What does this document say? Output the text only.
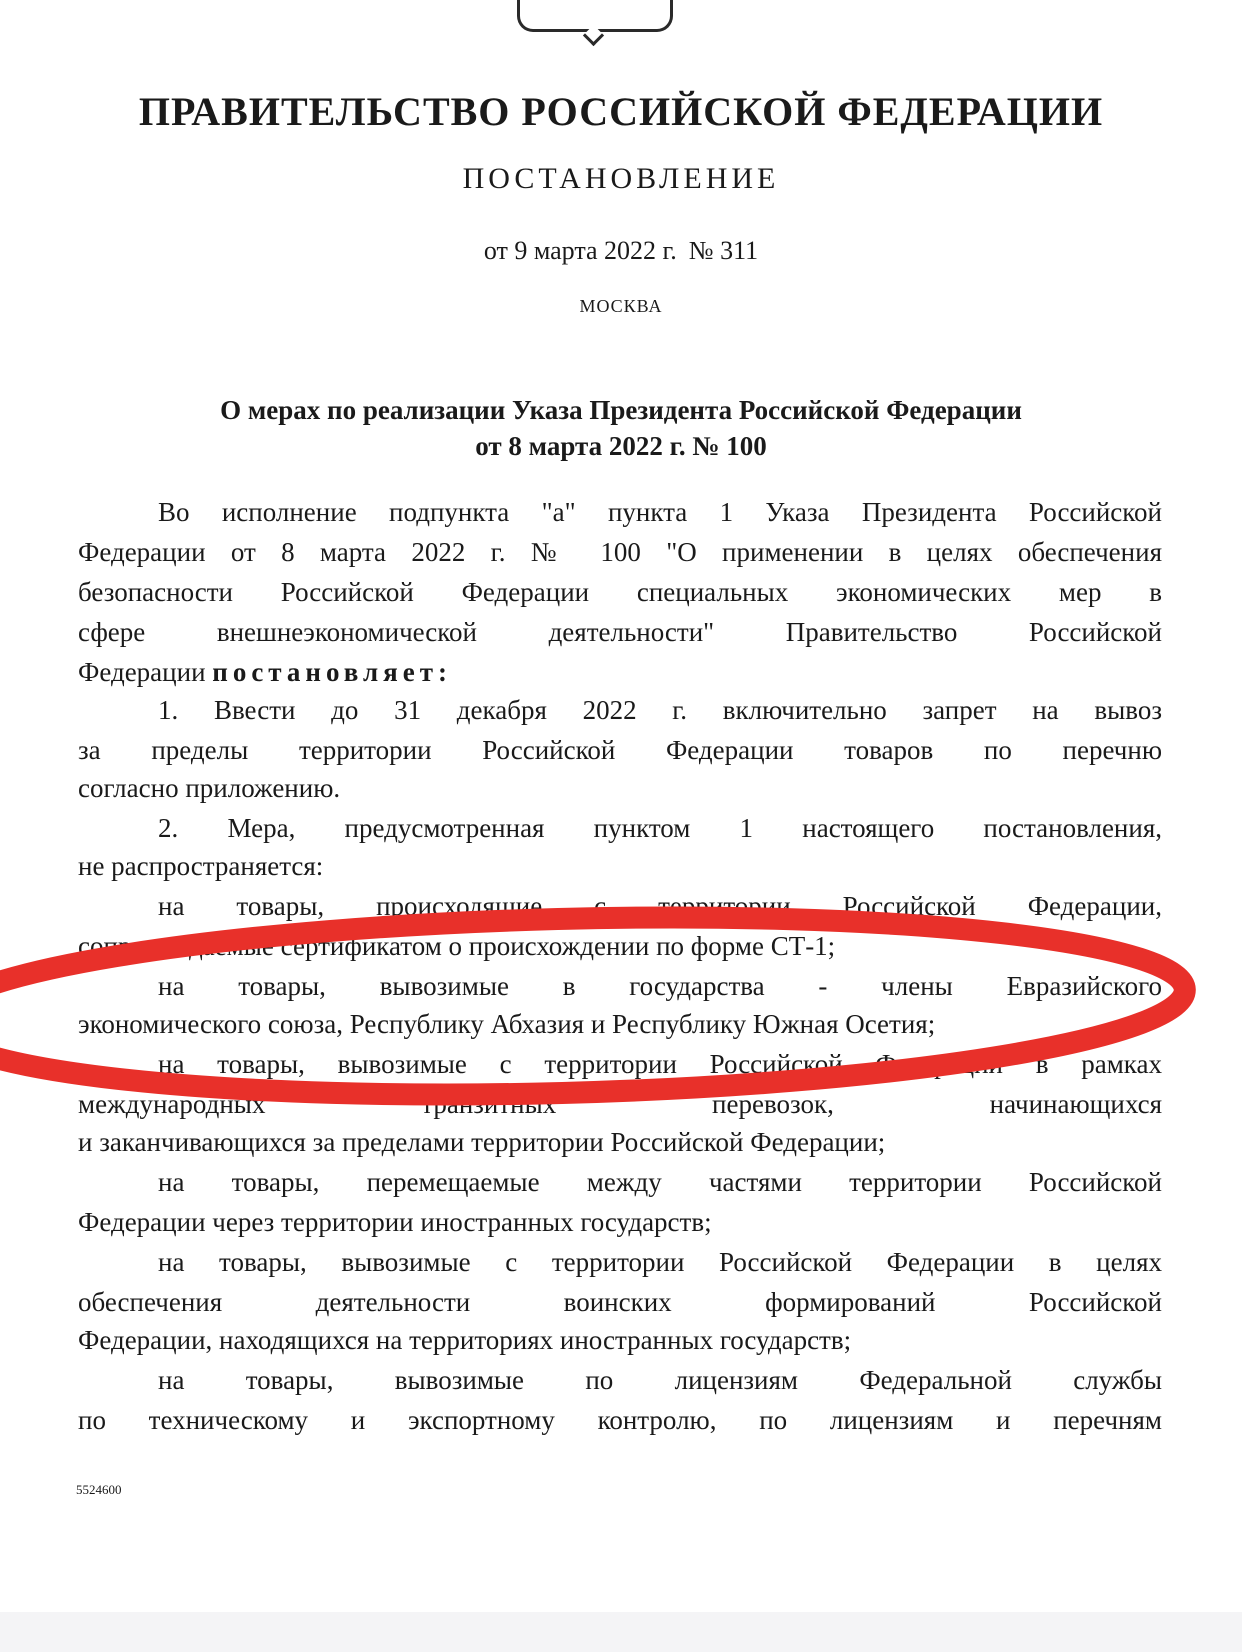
ПРАВИТЕЛЬСТВО РОССИЙСКОЙ ФЕДЕРАЦИИ
ПОСТАНОВЛЕНИЕ
от 9 марта 2022 г. № 311
МОСКВА
О мерах по реализации Указа Президента Российской Федерации
от 8 марта 2022 г. № 100
Во исполнение подпункта "а" пункта 1 Указа Президента Российской
Федерации от 8 марта 2022 г. № 100 "О применении в целях обеспечения
безопасности Российской Федерации специальных экономических мер в
сфере внешнеэкономической деятельности" Правительство Российской
Федерации постановляет:
1. Ввести до 31 декабря 2022 г. включительно запрет на вывоз
за пределы территории Российской Федерации товаров по перечню
согласно приложению.
2. Мера, предусмотренная пунктом 1 настоящего постановления,
не распространяется:
на товары, происходящие с территории Российской Федерации,
сопровождаемые сертификатом о происхождении по форме СТ-1;
на товары, вывозимые в государства - члены Евразийского
экономического союза, Республику Абхазия и Республику Южная Осетия;
на товары, вывозимые с территории Российской Федерации в рамках
международных транзитных перевозок, начинающихся
и заканчивающихся за пределами территории Российской Федерации;
на товары, перемещаемые между частями территории Российской
Федерации через территории иностранных государств;
на товары, вывозимые с территории Российской Федерации в целях
обеспечения деятельности воинских формирований Российской
Федерации, находящихся на территориях иностранных государств;
на товары, вывозимые по лицензиям Федеральной службы
по техническому и экспортному контролю, по лицензиям и перечням
5524600
